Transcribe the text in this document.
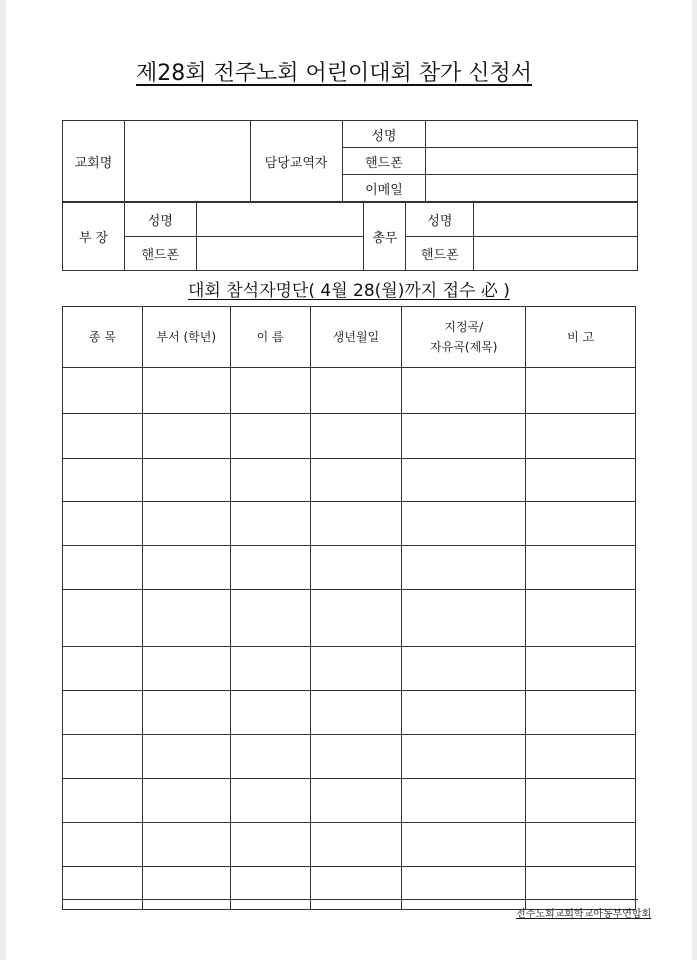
제28회 전주노회 어린이대회 참가 신청서
교회명		담당교역자	성명	
			핸드폰	
			이메일	
부 장	성명		총무	성명	
	핸드폰			핸드폰	
대회 참석자명단( 4월 28(월)까지 접수 必 )
종 목	부서 (학년)	이 름	생년월일	지정곡/
자유곡(제목)	비 고

전주노회교회학교아동부연합회
